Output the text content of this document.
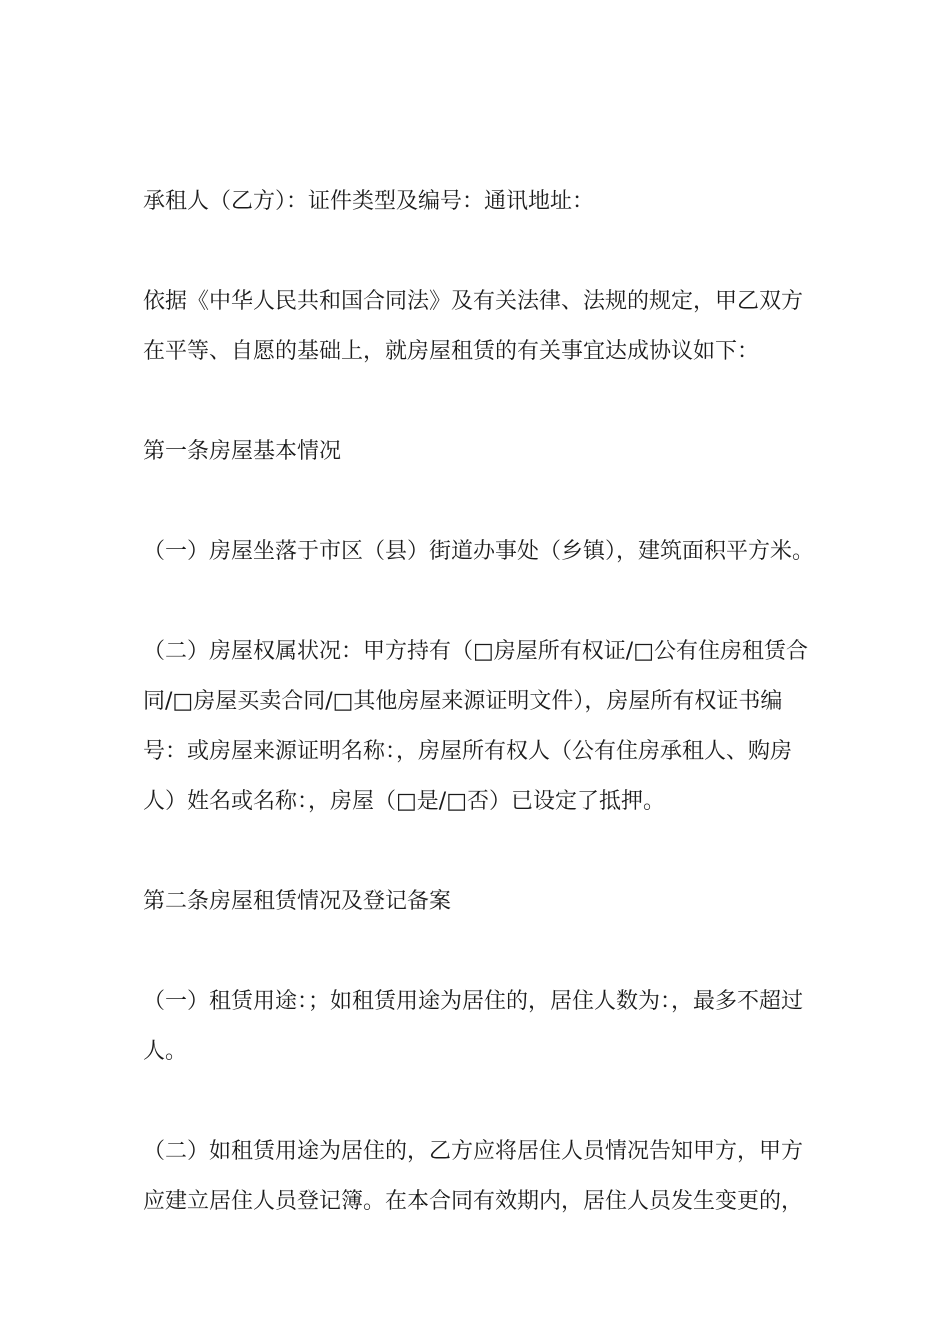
承租人（乙方）：证件类型及编号：通讯地址：

依据《中华人民共和国合同法》及有关法律、法规的规定，甲乙双方在平等、自愿的基础上，就房屋租赁的有关事宜达成协议如下：

第一条房屋基本情况

（一）房屋坐落于市区（县）街道办事处（乡镇），建筑面积平方米。

（二）房屋权属状况：甲方持有（□房屋所有权证/□公有住房租赁合同/□房屋买卖合同/□其他房屋来源证明文件），房屋所有权证书编号：或房屋来源证明名称：，房屋所有权人（公有住房承租人、购房人）姓名或名称：，房屋（□是/□否）已设定了抵押。

第二条房屋租赁情况及登记备案

（一）租赁用途：；如租赁用途为居住的，居住人数为：，最多不超过人。

（二）如租赁用途为居住的，乙方应将居住人员情况告知甲方，甲方应建立居住人员登记簿。在本合同有效期内，居住人员发生变更的，
